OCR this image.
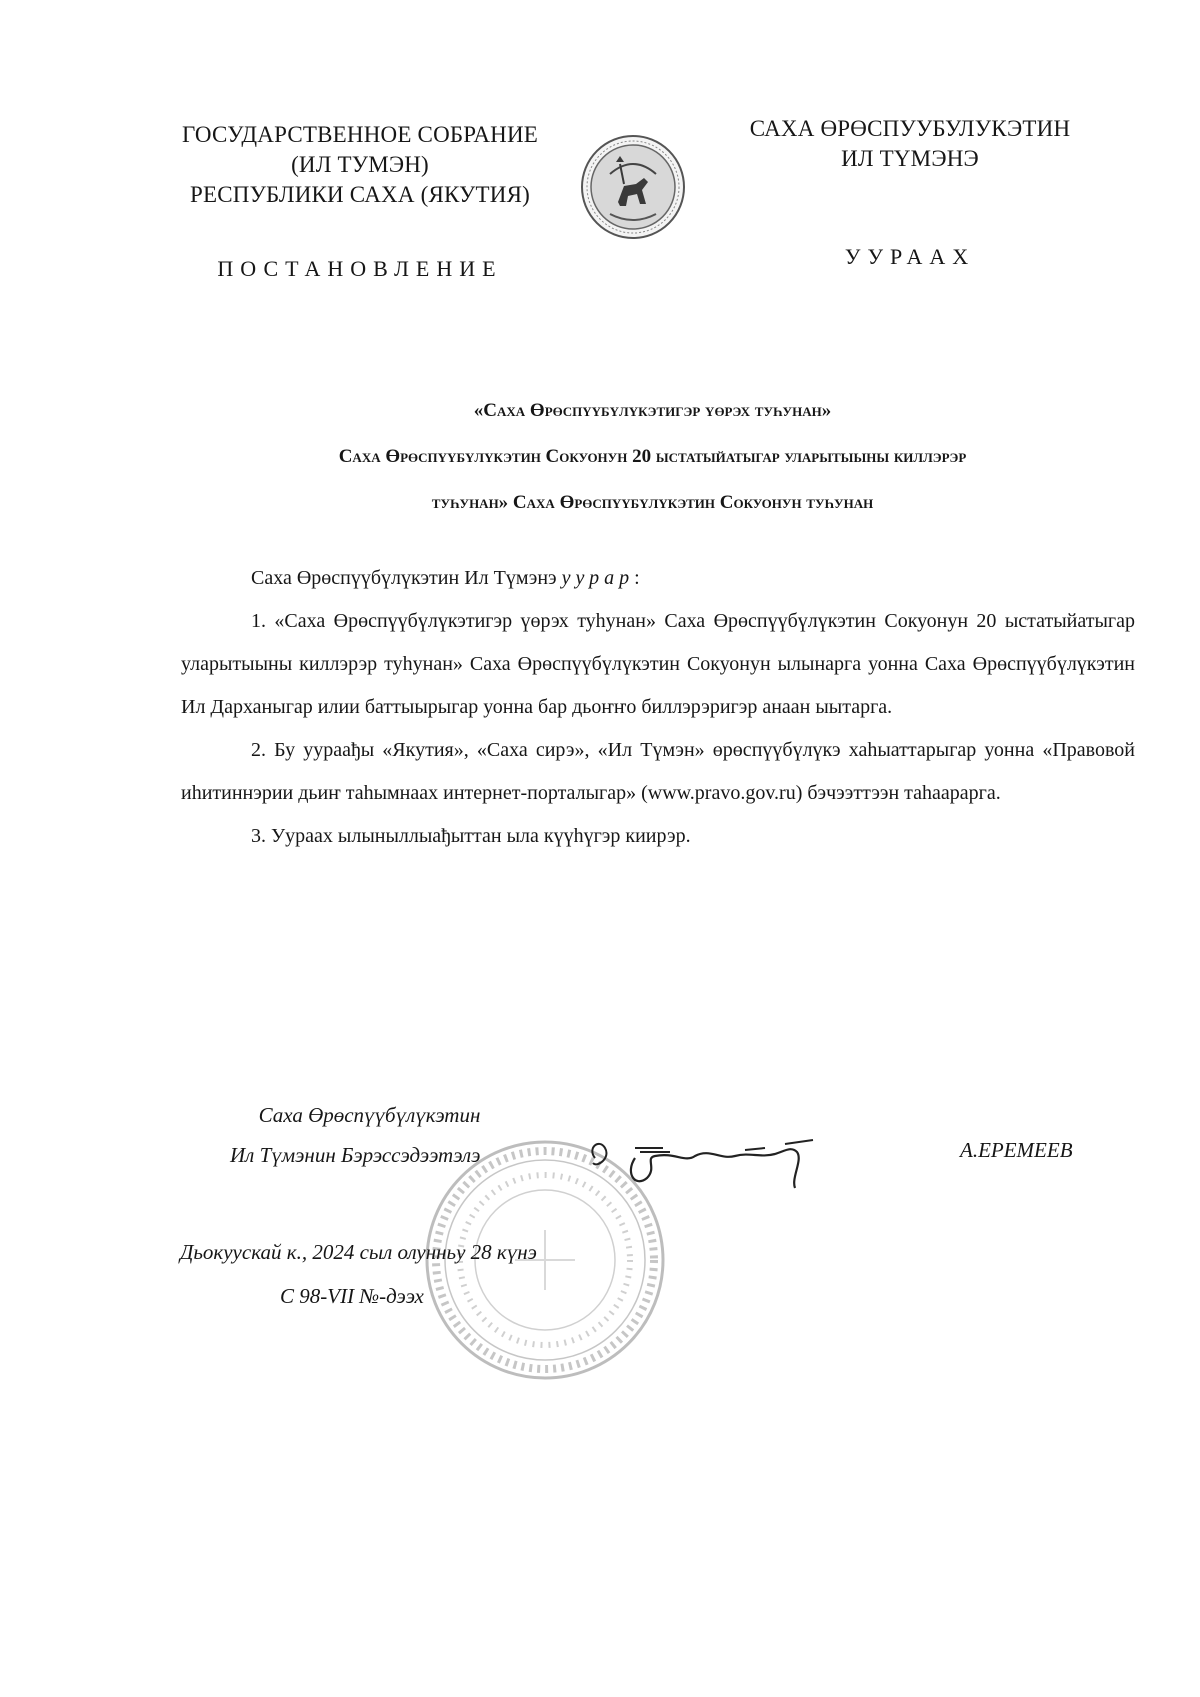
ГОСУДАРСТВЕННОЕ СОБРАНИЕ
(ИЛ ТУМЭН)
РЕСПУБЛИКИ САХА (ЯКУТИЯ)
ПОСТАНОВЛЕНИЕ
САХА ӨРӨСПУУБУЛУКЭТИН
ИЛ ТҮМЭНЭ
УУРААХ
«Саха Өрөспүүбүлүкэтигэр үөрэх туһунан»
Саха Өрөспүүбүлүкэтин Сокуонун 20 ыстатыйатыгар уларытыыны киллэрэр
туһунан» Саха Өрөспүүбүлүкэтин Сокуонун туһунан

Саха Өрөспүүбүлүкэтин Ил Түмэнэ уурар:

1. «Саха Өрөспүүбүлүкэтигэр үөрэх туһунан» Саха Өрөспүүбүлүкэтин Сокуонун 20 ыстатыйатыгар уларытыыны киллэрэр туһунан» Саха Өрөспүүбүлүкэтин Сокуонун ылынарга уонна Саха Өрөспүүбүлүкэтин Ил Дарханыгар илии баттыырыгар уонна бар дьоҥҥо биллэрэригэр анаан ыытарга.

2. Бу уураађы «Якутия», «Саха сирэ», «Ил Түмэн» өрөспүүбүлүкэ хаһыаттарыгар уонна «Правовой иһитиннэрии дьиҥ таһымнаах интернет-порталыгар» (www.pravo.gov.ru) бэчээттээн таһаарарга.

3. Уураах ылыныллыађыттан ыла күүһүгэр киирэр.

Саха Өрөспүүбүлүкэтин
Ил Түмэнин Бэрэссэдээтэлэ	А.ЕРЕМЕЕВ
Дьокуускай к., 2024 сыл олунньу 28 күнэ
С 98-VII №-дээх
